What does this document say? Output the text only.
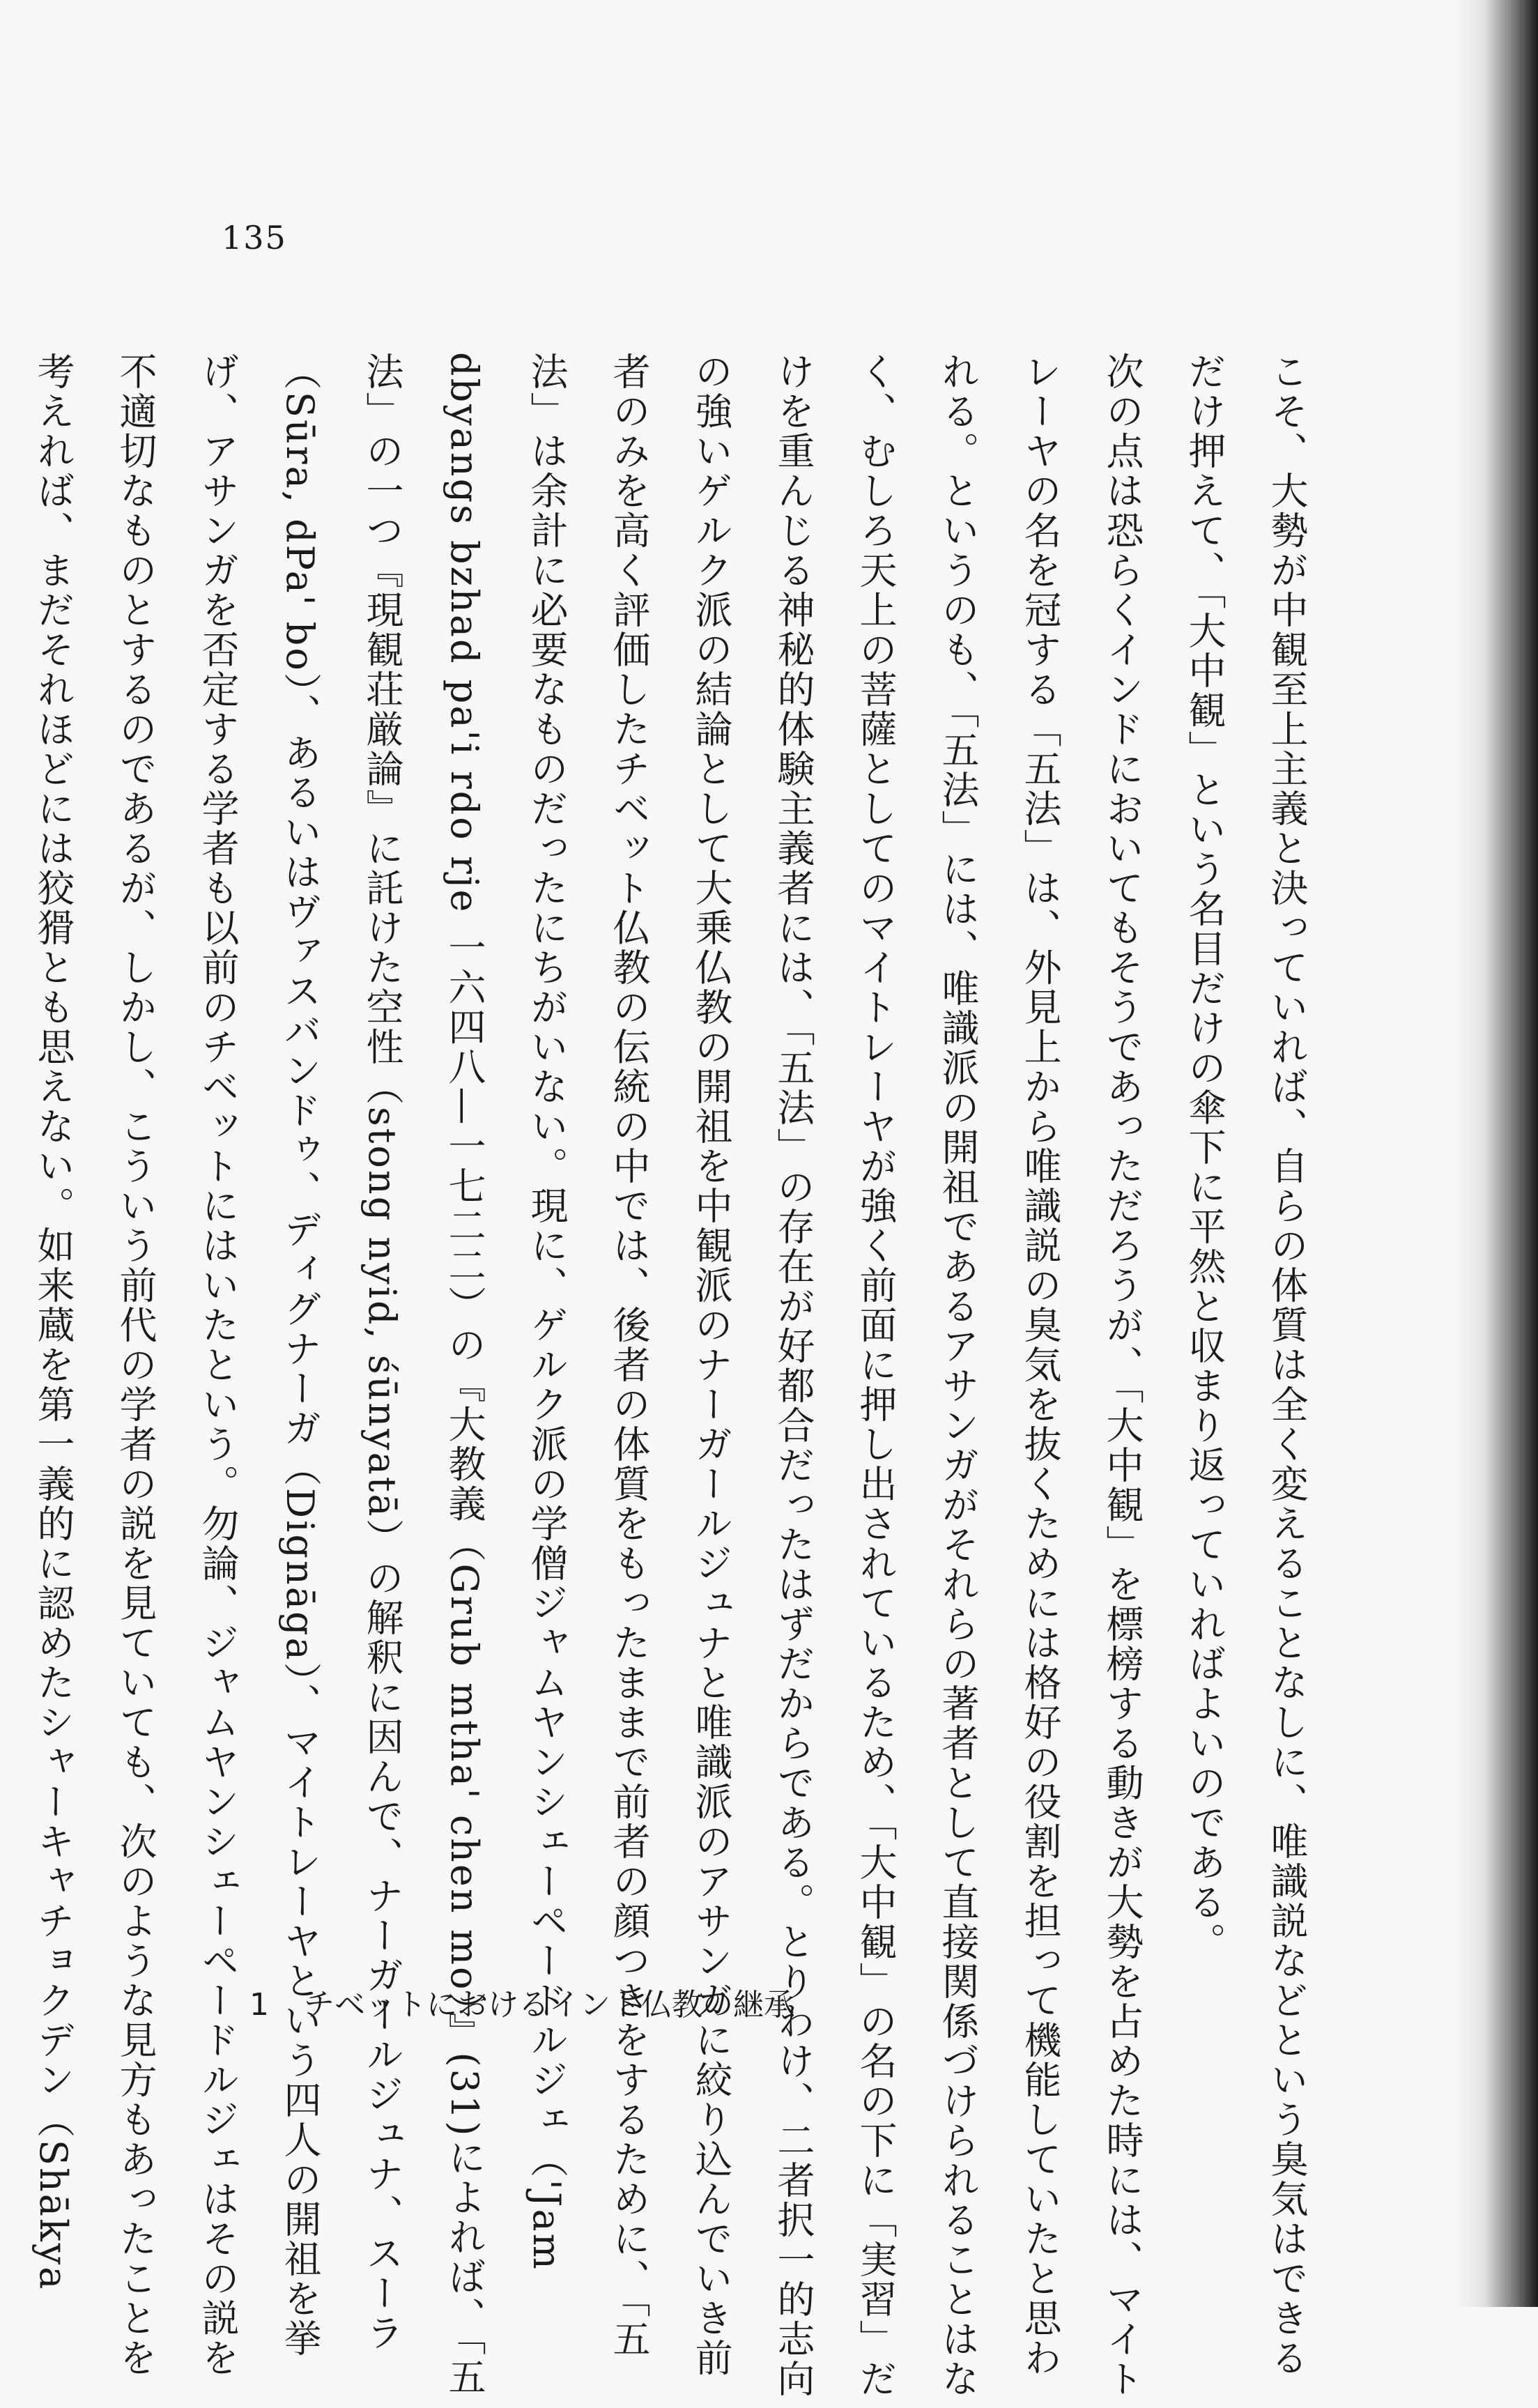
135

こそ、大勢が中観至上主義と決っていれば、自らの体質は全く変えることなしに、唯識説などという臭気はできるだけ押えて、「大中観」という名目だけの傘下に平然と収まり返っていればよいのである。

次の点は恐らくインドにおいてもそうであっただろうが、「大中観」を標榜する動きが大勢を占めた時には、マイトレーヤの名を冠する「五法」は、外見上から唯識説の臭気を抜くためには格好の役割を担って機能していたと思われる。というのも、「五法」には、唯識派の開祖であるアサンガがそれらの著者として直接関係づけられることはなく、むしろ天上の菩薩としてのマイトレーヤが強く前面に押し出されているため、「大中観」の名の下に「実習」だけを重んじる神秘的体験主義者には、「五法」の存在が好都合だったはずだからである。とりわけ、二者択一的志向の強いゲルク派の結論として大乗仏教の開祖を中観派のナーガールジュナと唯識派のアサンガに絞り込んでいき前者のみを高く評価したチベット仏教の伝統の中では、後者の体質をもったままで前者の顔つきをするために、「五法」は余計に必要なものだったにちがいない。現に、ゲルク派の学僧ジャムヤンシェーペードルジェ（'Jam dbyangs bzhad pa'i rdo rje 一六四八—一七二二）の『大教義（Grub mtha' chen mo）』(31)によれば、「五法」の一つ『現観荘厳論』に託けた空性（stong nyid, śūnyatā）の解釈に因んで、ナーガールジュナ、スーラ（Sūra, dPa' bo）、あるいはヴァスバンドゥ、ディグナーガ（Dignāga）、マイトレーヤという四人の開祖を挙げ、アサンガを否定する学者も以前のチベットにはいたという。勿論、ジャムヤンシェーペードルジェはその説を不適切なものとするのであるが、しかし、こういう前代の学者の説を見ていても、次のような見方もあったことを考えれば、まだそれほどには狡猾とも思えない。如来蔵を第一義的に認めたシャーキャチョクデン（Shākya	1 チベットにおけるインド仏教の継承
